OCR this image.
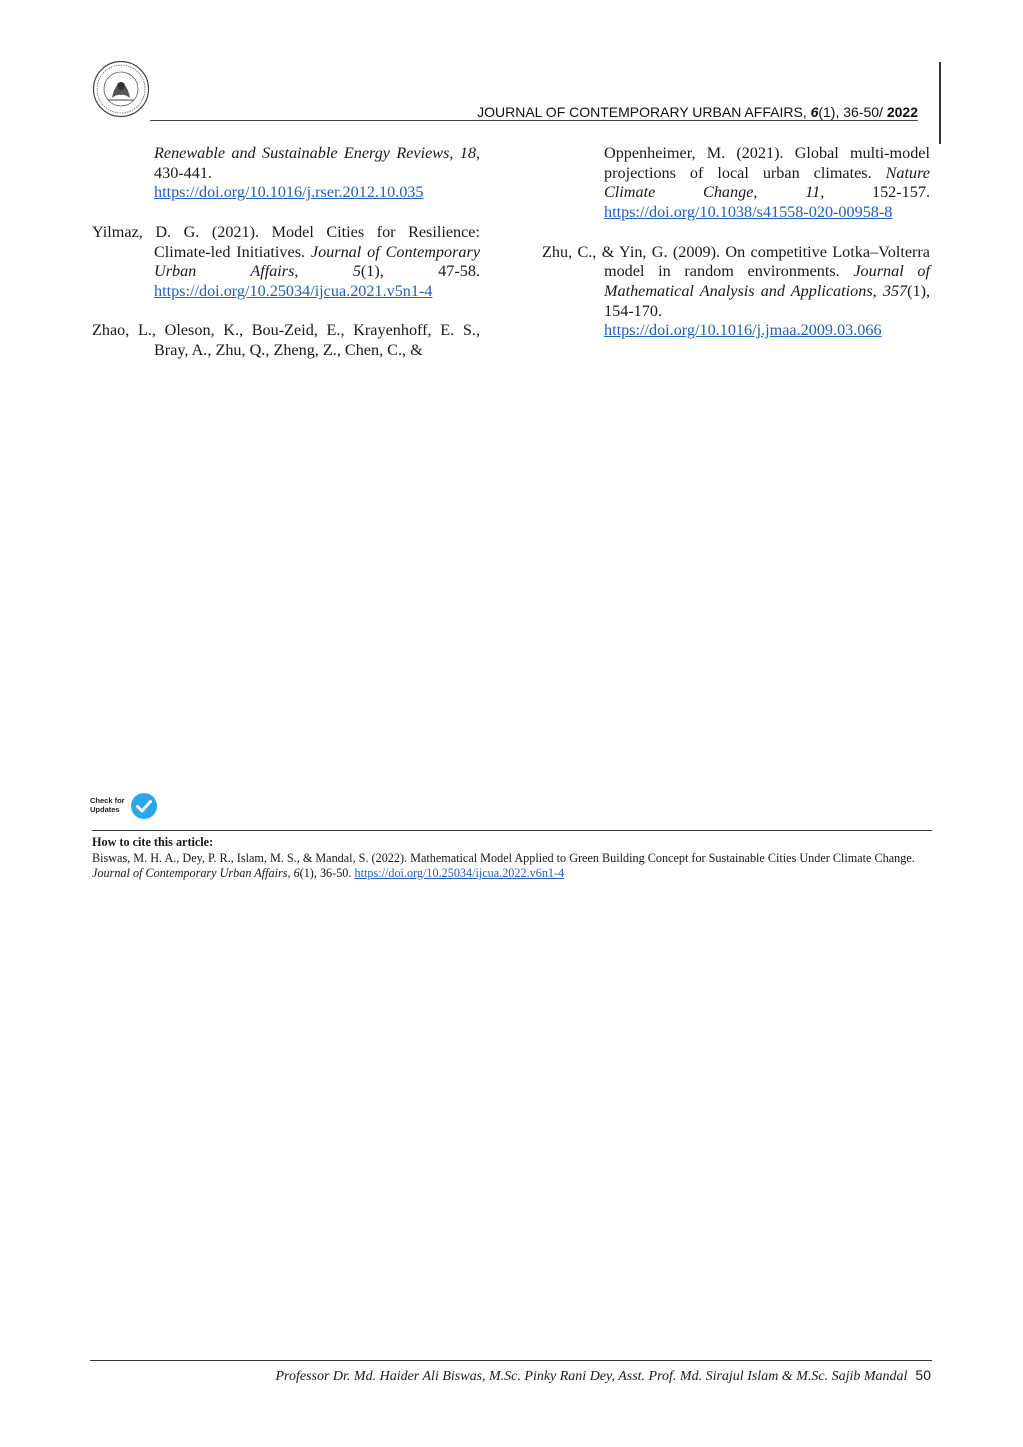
JOURNAL OF CONTEMPORARY URBAN AFFAIRS, 6(1), 36-50/ 2022

Renewable and Sustainable Energy Reviews, 18, 430-441. https://doi.org/10.1016/j.rser.2012.10.035

Yilmaz, D. G. (2021). Model Cities for Resilience: Climate-led Initiatives. Journal of Contemporary Urban Affairs, 5(1), 47-58. https://doi.org/10.25034/ijcua.2021.v5n1-4

Zhao, L., Oleson, K., Bou-Zeid, E., Krayenhoff, E. S., Bray, A., Zhu, Q., Zheng, Z., Chen, C., &

Oppenheimer, M. (2021). Global multi-model projections of local urban climates. Nature Climate Change, 11, 152-157. https://doi.org/10.1038/s41558-020-00958-8

Zhu, C., & Yin, G. (2009). On competitive Lotka–Volterra model in random environments. Journal of Mathematical Analysis and Applications, 357(1), 154-170. https://doi.org/10.1016/j.jmaa.2009.03.066

Check for
Updates
How to cite this article:
Biswas, M. H. A., Dey, P. R., Islam, M. S., & Mandal, S. (2022). Mathematical Model Applied to Green Building Concept for Sustainable Cities Under Climate Change. Journal of Contemporary Urban Affairs, 6(1), 36-50. https://doi.org/10.25034/ijcua.2022.v6n1-4
Professor Dr. Md. Haider Ali Biswas, M.Sc. Pinky Rani Dey, Asst. Prof. Md. Sirajul Islam & M.Sc. Sajib Mandal 50
